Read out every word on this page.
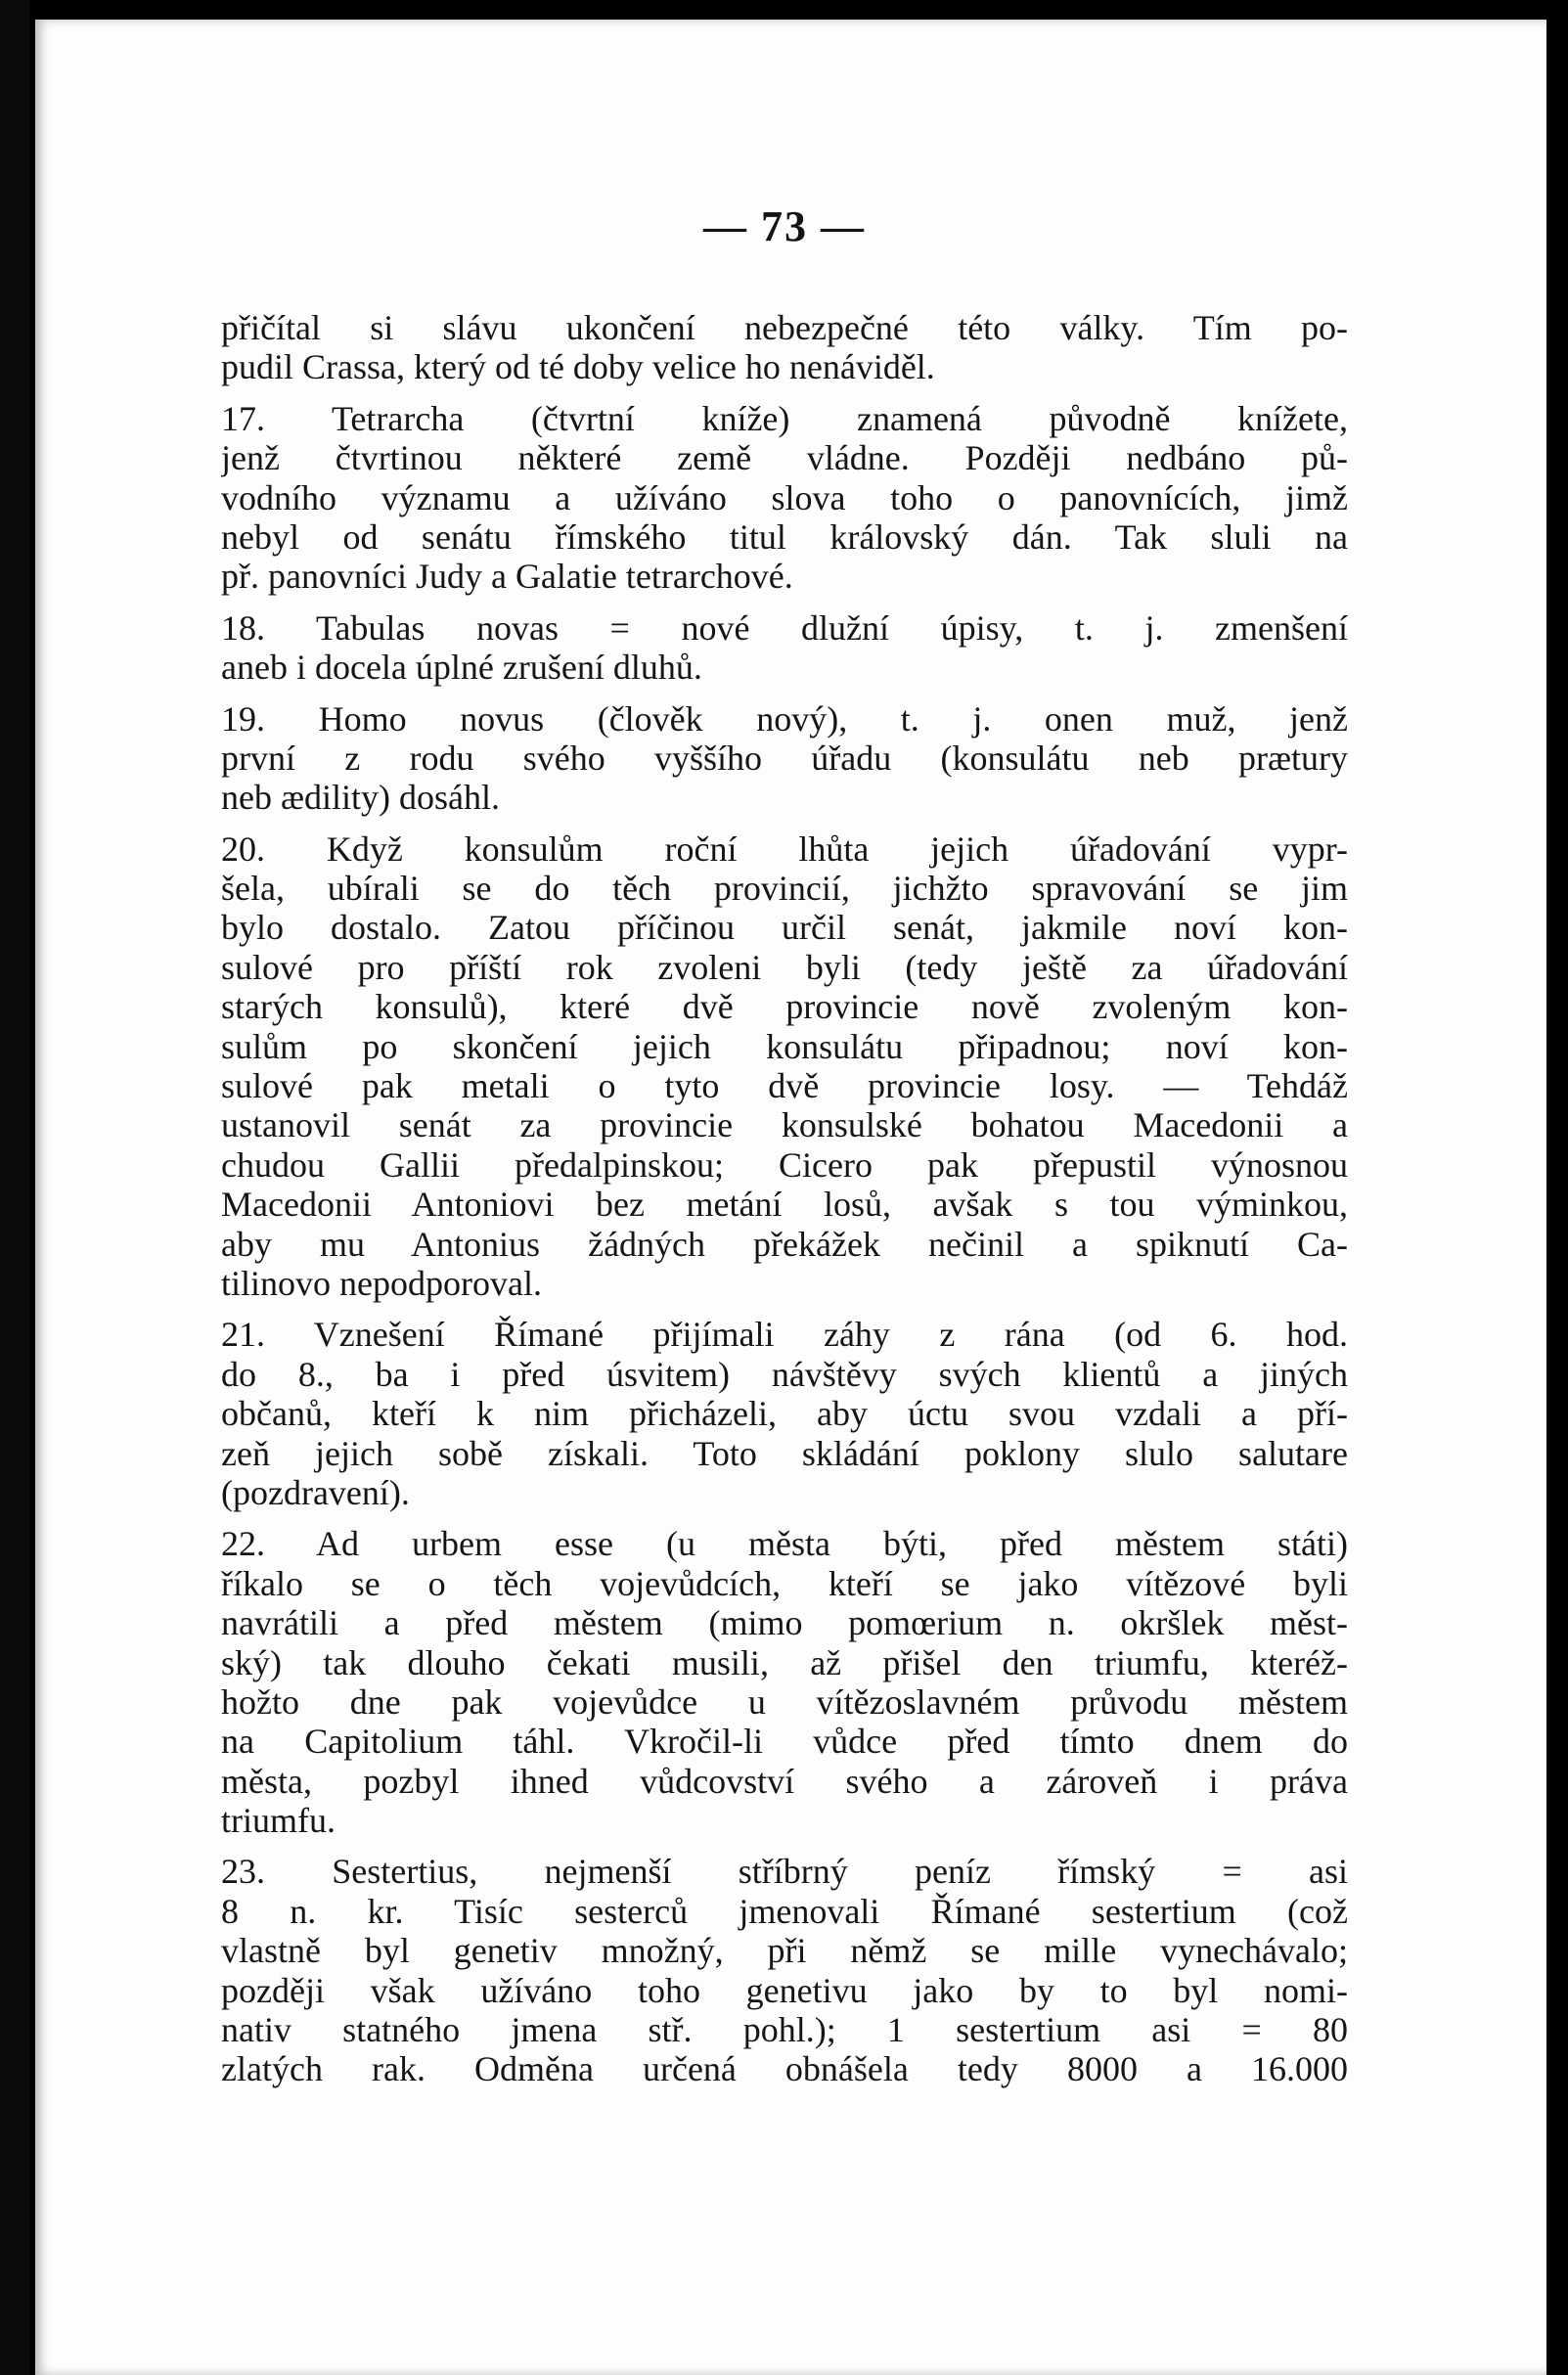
— 73 —
přičítal si slávu ukončení nebezpečné této války. Tím po-
pudil Crassa, který od té doby velice ho nenáviděl.
17. Tetrarcha (čtvrtní kníže) znamená původně knížete,
jenž čtvrtinou některé země vládne. Později nedbáno pů-
vodního významu a užíváno slova toho o panovnících, jimž
nebyl od senátu římského titul královský dán. Tak sluli na
př. panovníci Judy a Galatie tetrarchové.
18. Tabulas novas = nové dlužní úpisy, t. j. zmenšení
aneb i docela úplné zrušení dluhů.
19. Homo novus (člověk nový), t. j. onen muž, jenž
první z rodu svého vyššího úřadu (konsulátu neb prætury
neb ædility) dosáhl.
20. Když konsulům roční lhůta jejich úřadování vypr-
šela, ubírali se do těch provincií, jichžto spravování se jim
bylo dostalo. Zatou příčinou určil senát, jakmile noví kon-
sulové pro příští rok zvoleni byli (tedy ještě za úřadování
starých konsulů), které dvě provincie nově zvoleným kon-
sulům po skončení jejich konsulátu připadnou; noví kon-
sulové pak metali o tyto dvě provincie losy. — Tehdáž
ustanovil senát za provincie konsulské bohatou Macedonii a
chudou Gallii předalpinskou; Cicero pak přepustil výnosnou
Macedonii Antoniovi bez metání losů, avšak s tou výminkou,
aby mu Antonius žádných překážek nečinil a spiknutí Ca-
tilinovo nepodporoval.
21. Vznešení Římané přijímali záhy z rána (od 6. hod.
do 8., ba i před úsvitem) návštěvy svých klientů a jiných
občanů, kteří k nim přicházeli, aby úctu svou vzdali a pří-
zeň jejich sobě získali. Toto skládání poklony slulo salutare
(pozdravení).
22. Ad urbem esse (u města býti, před městem státi)
říkalo se o těch vojevůdcích, kteří se jako vítězové byli
navrátili a před městem (mimo pomœrium n. okršlek měst-
ský) tak dlouho čekati musili, až přišel den triumfu, kteréž-
hožto dne pak vojevůdce u vítězoslavném průvodu městem
na Capitolium táhl. Vkročil-li vůdce před tímto dnem do
města, pozbyl ihned vůdcovství svého a zároveň i práva
triumfu.
23. Sestertius, nejmenší stříbrný peníz římský = asi
8 n. kr. Tisíc sesterců jmenovali Římané sestertium (což
vlastně byl genetiv množný, při němž se mille vynechávalo;
později však užíváno toho genetivu jako by to byl nomi-
nativ statného jmena stř. pohl.); 1 sestertium asi = 80
zlatých rak. Odměna určená obnášela tedy 8000 a 16.000
